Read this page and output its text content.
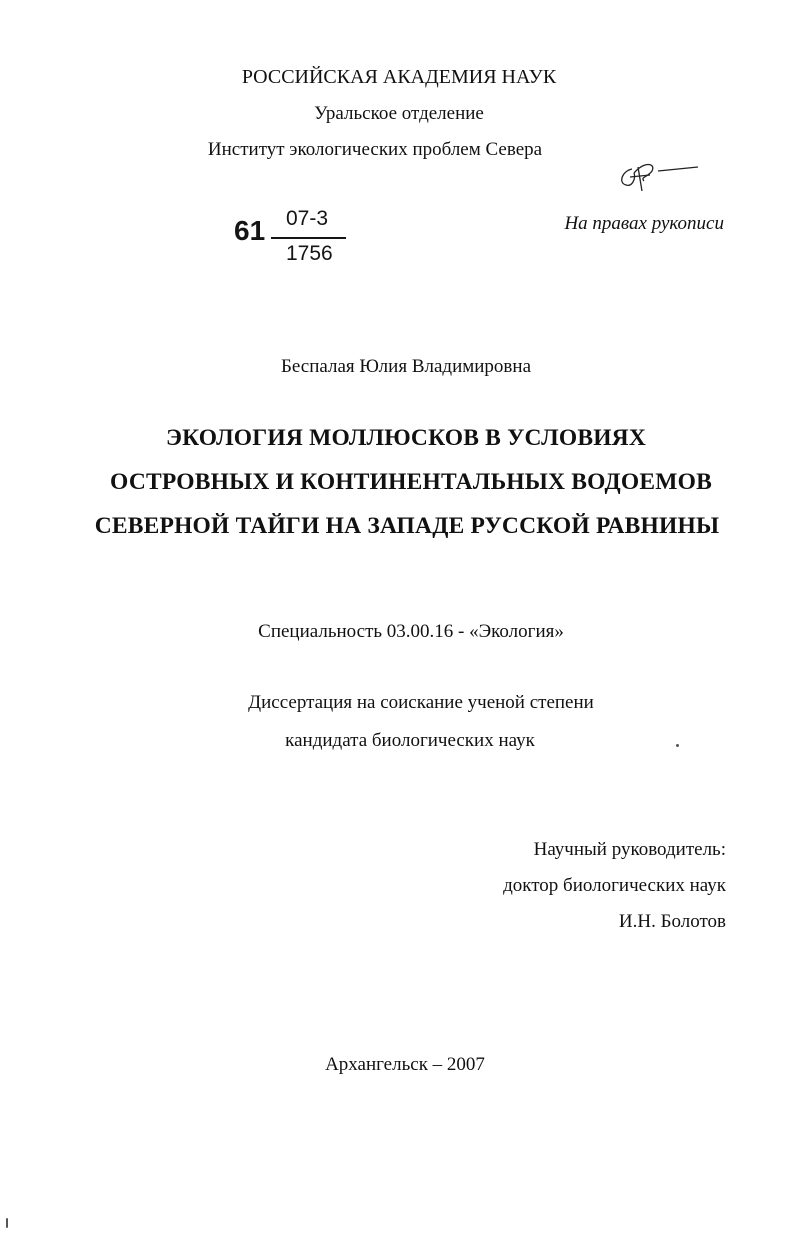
РОССИЙСКАЯ АКАДЕМИЯ НАУК
Уральское отделение
Институт экологических проблем Севера
61 07-3
1756
На правах рукописи
Беспалая Юлия Владимировна
ЭКОЛОГИЯ МОЛЛЮСКОВ В УСЛОВИЯХ
ОСТРОВНЫХ И КОНТИНЕНТАЛЬНЫХ ВОДОЕМОВ
СЕВЕРНОЙ ТАЙГИ НА ЗАПАДЕ РУССКОЙ РАВНИНЫ
Специальность 03.00.16 - «Экология»
Диссертация на соискание ученой степени
кандидата биологических наук
Научный руководитель:
доктор биологических наук
И.Н. Болотов
Архангельск – 2007
